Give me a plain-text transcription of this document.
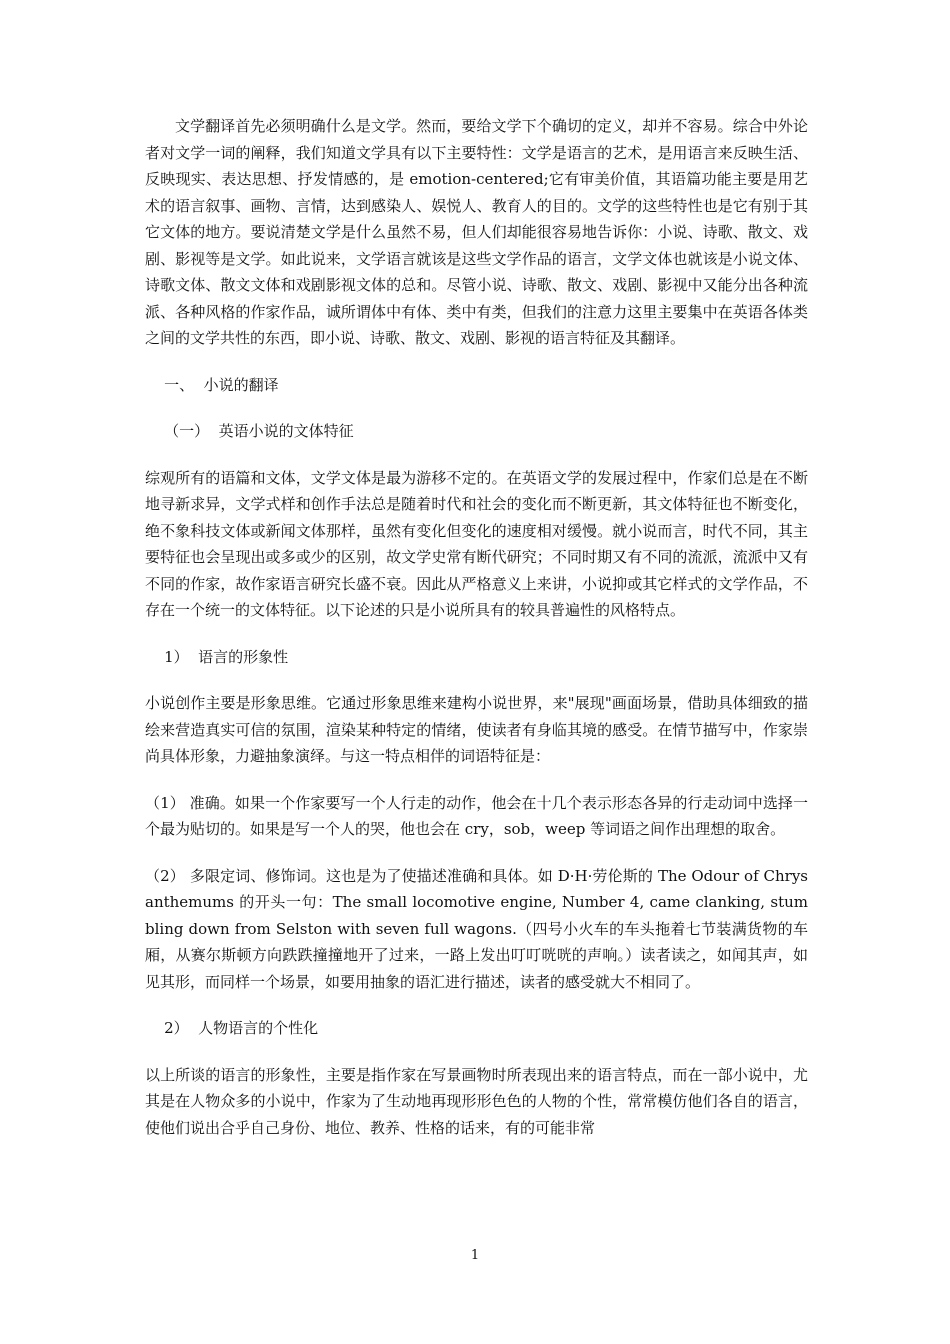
文学翻译首先必须明确什么是文学。然而，要给文学下个确切的定义，却并不容易。综合中外论者对文学一词的阐释，我们知道文学具有以下主要特性：文学是语言的艺术，是用语言来反映生活、反映现实、表达思想、抒发情感的，是 emotion-centered;它有审美价值，其语篇功能主要是用艺术的语言叙事、画物、言情，达到感染人、娱悦人、教育人的目的。文学的这些特性也是它有别于其它文体的地方。要说清楚文学是什么虽然不易，但人们却能很容易地告诉你：小说、诗歌、散文、戏剧、影视等是文学。如此说来，文学语言就该是这些文学作品的语言，文学文体也就该是小说文体、诗歌文体、散文文体和戏剧影视文体的总和。尽管小说、诗歌、散文、戏剧、影视中又能分出各种流派、各种风格的作家作品，诚所谓体中有体、类中有类，但我们的注意力这里主要集中在英语各体类之间的文学共性的东西，即小说、诗歌、散文、戏剧、影视的语言特征及其翻译。

一、  小说的翻译

（一）  英语小说的文体特征

综观所有的语篇和文体，文学文体是最为游移不定的。在英语文学的发展过程中，作家们总是在不断地寻新求异，文学式样和创作手法总是随着时代和社会的变化而不断更新，其文体特征也不断变化，绝不象科技文体或新闻文体那样，虽然有变化但变化的速度相对缓慢。就小说而言，时代不同，其主要特征也会呈现出或多或少的区别，故文学史常有断代研究；不同时期又有不同的流派，流派中又有不同的作家，故作家语言研究长盛不衰。因此从严格意义上来讲，小说抑或其它样式的文学作品，不存在一个统一的文体特征。以下论述的只是小说所具有的较具普遍性的风格特点。

1）  语言的形象性

小说创作主要是形象思维。它通过形象思维来建构小说世界，来"展现"画面场景，借助具体细致的描绘来营造真实可信的氛围，渲染某种特定的情绪，使读者有身临其境的感受。在情节描写中，作家崇尚具体形象，力避抽象演绎。与这一特点相伴的词语特征是：

（1） 准确。如果一个作家要写一个人行走的动作，他会在十几个表示形态各异的行走动词中选择一个最为贴切的。如果是写一个人的哭，他也会在 cry，sob，weep 等词语之间作出理想的取舍。

（2） 多限定词、修饰词。这也是为了使描述准确和具体。如 D·H·劳伦斯的 The Odour of Chrysanthemums 的开头一句：The small locomotive engine, Number 4, came clanking, stumbling down from Selston with seven full wagons.（四号小火车的车头拖着七节装满货物的车厢，从赛尔斯顿方向跌跌撞撞地开了过来，一路上发出叮叮咣咣的声响。）读者读之，如闻其声，如见其形，而同样一个场景，如要用抽象的语汇进行描述，读者的感受就大不相同了。

2）  人物语言的个性化

以上所谈的语言的形象性，主要是指作家在写景画物时所表现出来的语言特点，而在一部小说中，尤其是在人物众多的小说中，作家为了生动地再现形形色色的人物的个性，常常模仿他们各自的语言，使他们说出合乎自己身份、地位、教养、性格的话来，有的可能非常

1
